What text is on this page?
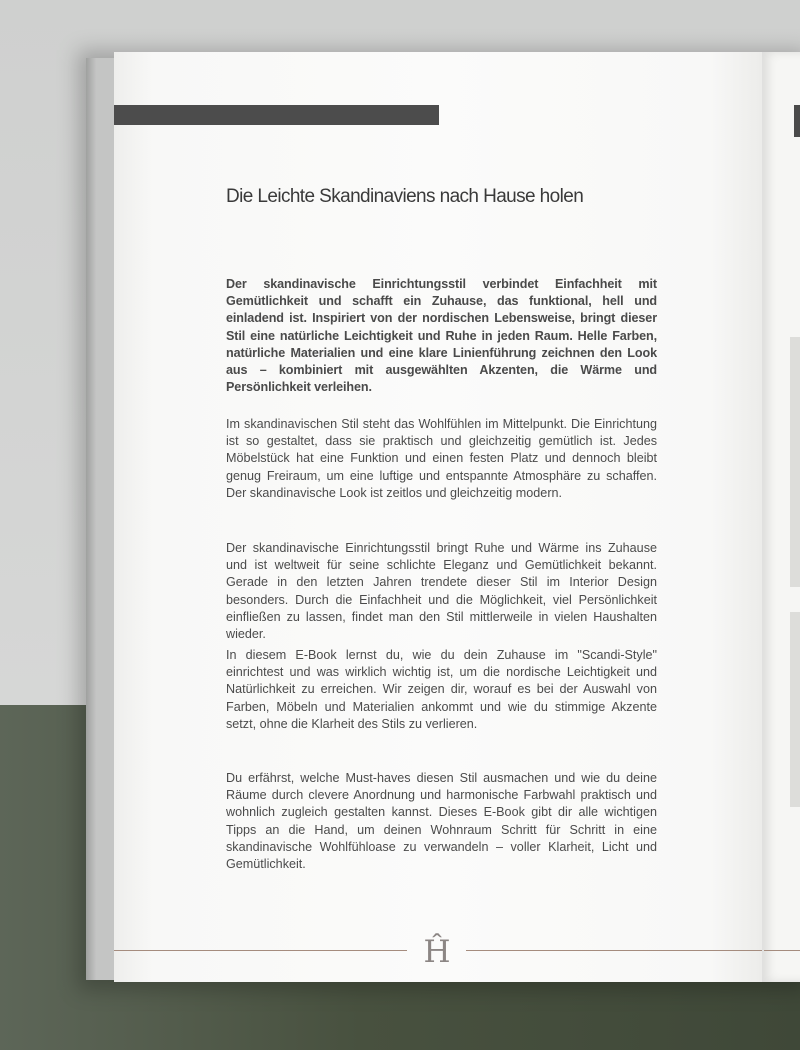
Die Leichte Skandinaviens nach Hause holen

Der skandinavische Einrichtungsstil verbindet Einfachheit mit Gemütlichkeit und schafft ein Zuhause, das funktional, hell und einladend ist. Inspiriert von der nordischen Lebensweise, bringt dieser Stil eine natürliche Leichtigkeit und Ruhe in jeden Raum. Helle Farben, natürliche Materialien und eine klare Linienführung zeichnen den Look aus – kombiniert mit ausgewählten Akzenten, die Wärme und Persönlichkeit verleihen.

Im skandinavischen Stil steht das Wohlfühlen im Mittelpunkt. Die Einrichtung ist so gestaltet, dass sie praktisch und gleichzeitig gemütlich ist. Jedes Möbelstück hat eine Funktion und einen festen Platz und dennoch bleibt genug Freiraum, um eine luftige und entspannte Atmosphäre zu schaffen. Der skandinavische Look ist zeitlos und gleichzeitig modern.

Der skandinavische Einrichtungsstil bringt Ruhe und Wärme ins Zuhause und ist weltweit für seine schlichte Eleganz und Gemütlichkeit bekannt. Gerade in den letzten Jahren trendete dieser Stil im Interior Design besonders. Durch die Einfachheit und die Möglichkeit, viel Persönlichkeit einfließen zu lassen, findet man den Stil mittlerweile in vielen Haushalten wieder.

In diesem E-Book lernst du, wie du dein Zuhause im "Scandi-Style" einrichtest und was wirklich wichtig ist, um die nordische Leichtigkeit und Natürlichkeit zu erreichen. Wir zeigen dir, worauf es bei der Auswahl von Farben, Möbeln und Materialien ankommt und wie du stimmige Akzente setzt, ohne die Klarheit des Stils zu verlieren.

Du erfährst, welche Must-haves diesen Stil ausmachen und wie du deine Räume durch clevere Anordnung und harmonische Farbwahl praktisch und wohnlich zugleich gestalten kannst. Dieses E-Book gibt dir alle wichtigen Tipps an die Hand, um deinen Wohnraum Schritt für Schritt in eine skandinavische Wohlfühloase zu verwandeln – voller Klarheit, Licht und Gemütlichkeit.

Ĥ
